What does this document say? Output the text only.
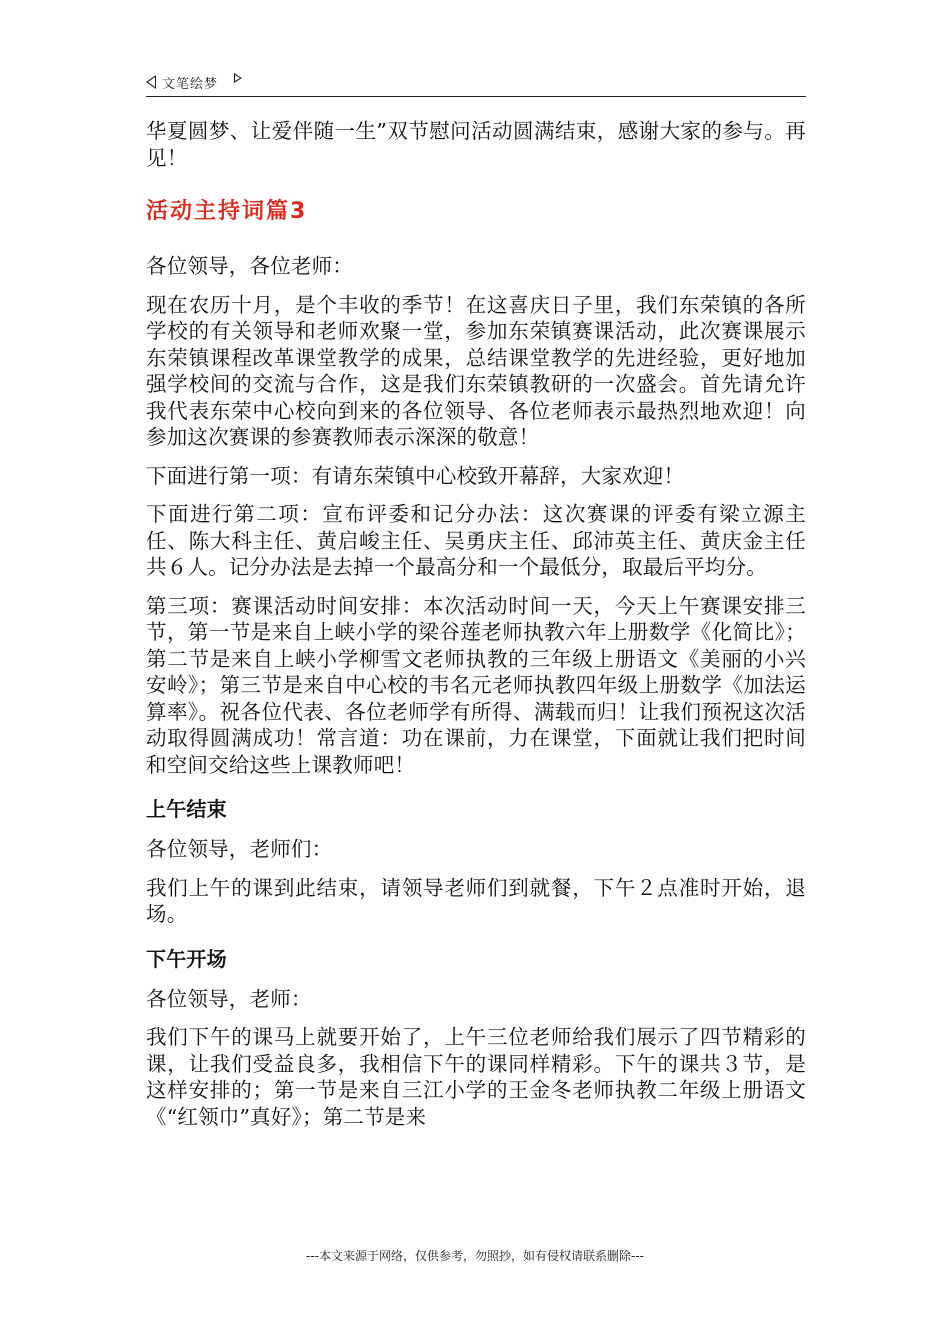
文笔绘梦

华夏圆梦、让爱伴随一生”双节慰问活动圆满结束，感谢大家的参与。再见！

活动主持词篇3

各位领导，各位老师：

现在农历十月，是个丰收的季节！在这喜庆日子里，我们东荣镇的各所学校的有关领导和老师欢聚一堂，参加东荣镇赛课活动，此次赛课展示东荣镇课程改革课堂教学的成果，总结课堂教学的先进经验，更好地加强学校间的交流与合作，这是我们东荣镇教研的一次盛会。首先请允许我代表东荣中心校向到来的各位领导、各位老师表示最热烈地欢迎！向参加这次赛课的参赛教师表示深深的敬意！

下面进行第一项：有请东荣镇中心校致开幕辞，大家欢迎！

下面进行第二项：宣布评委和记分办法：这次赛课的评委有梁立源主任、陈大科主任、黄启峻主任、吴勇庆主任、邱沛英主任、黄庆金主任共６人。记分办法是去掉一个最高分和一个最低分，取最后平均分。

第三项：赛课活动时间安排：本次活动时间一天，今天上午赛课安排三节，第一节是来自上峡小学的梁谷莲老师执教六年上册数学《化简比》；第二节是来自上峡小学柳雪文老师执教的三年级上册语文《美丽的小兴安岭》；第三节是来自中心校的韦名元老师执教四年级上册数学《加法运算率》。祝各位代表、各位老师学有所得、满载而归！让我们预祝这次活动取得圆满成功！常言道：功在课前，力在课堂，下面就让我们把时间和空间交给这些上课教师吧！

上午结束

各位领导，老师们：

我们上午的课到此结束，请领导老师们到就餐，下午２点准时开始，退场。

下午开场

各位领导，老师：

我们下午的课马上就要开始了，上午三位老师给我们展示了四节精彩的课，让我们受益良多，我相信下午的课同样精彩。下午的课共３节，是这样安排的；第一节是来自三江小学的王金冬老师执教二年级上册语文《“红领巾”真好》；第二节是来

---本文来源于网络，仅供参考，勿照抄，如有侵权请联系删除---
